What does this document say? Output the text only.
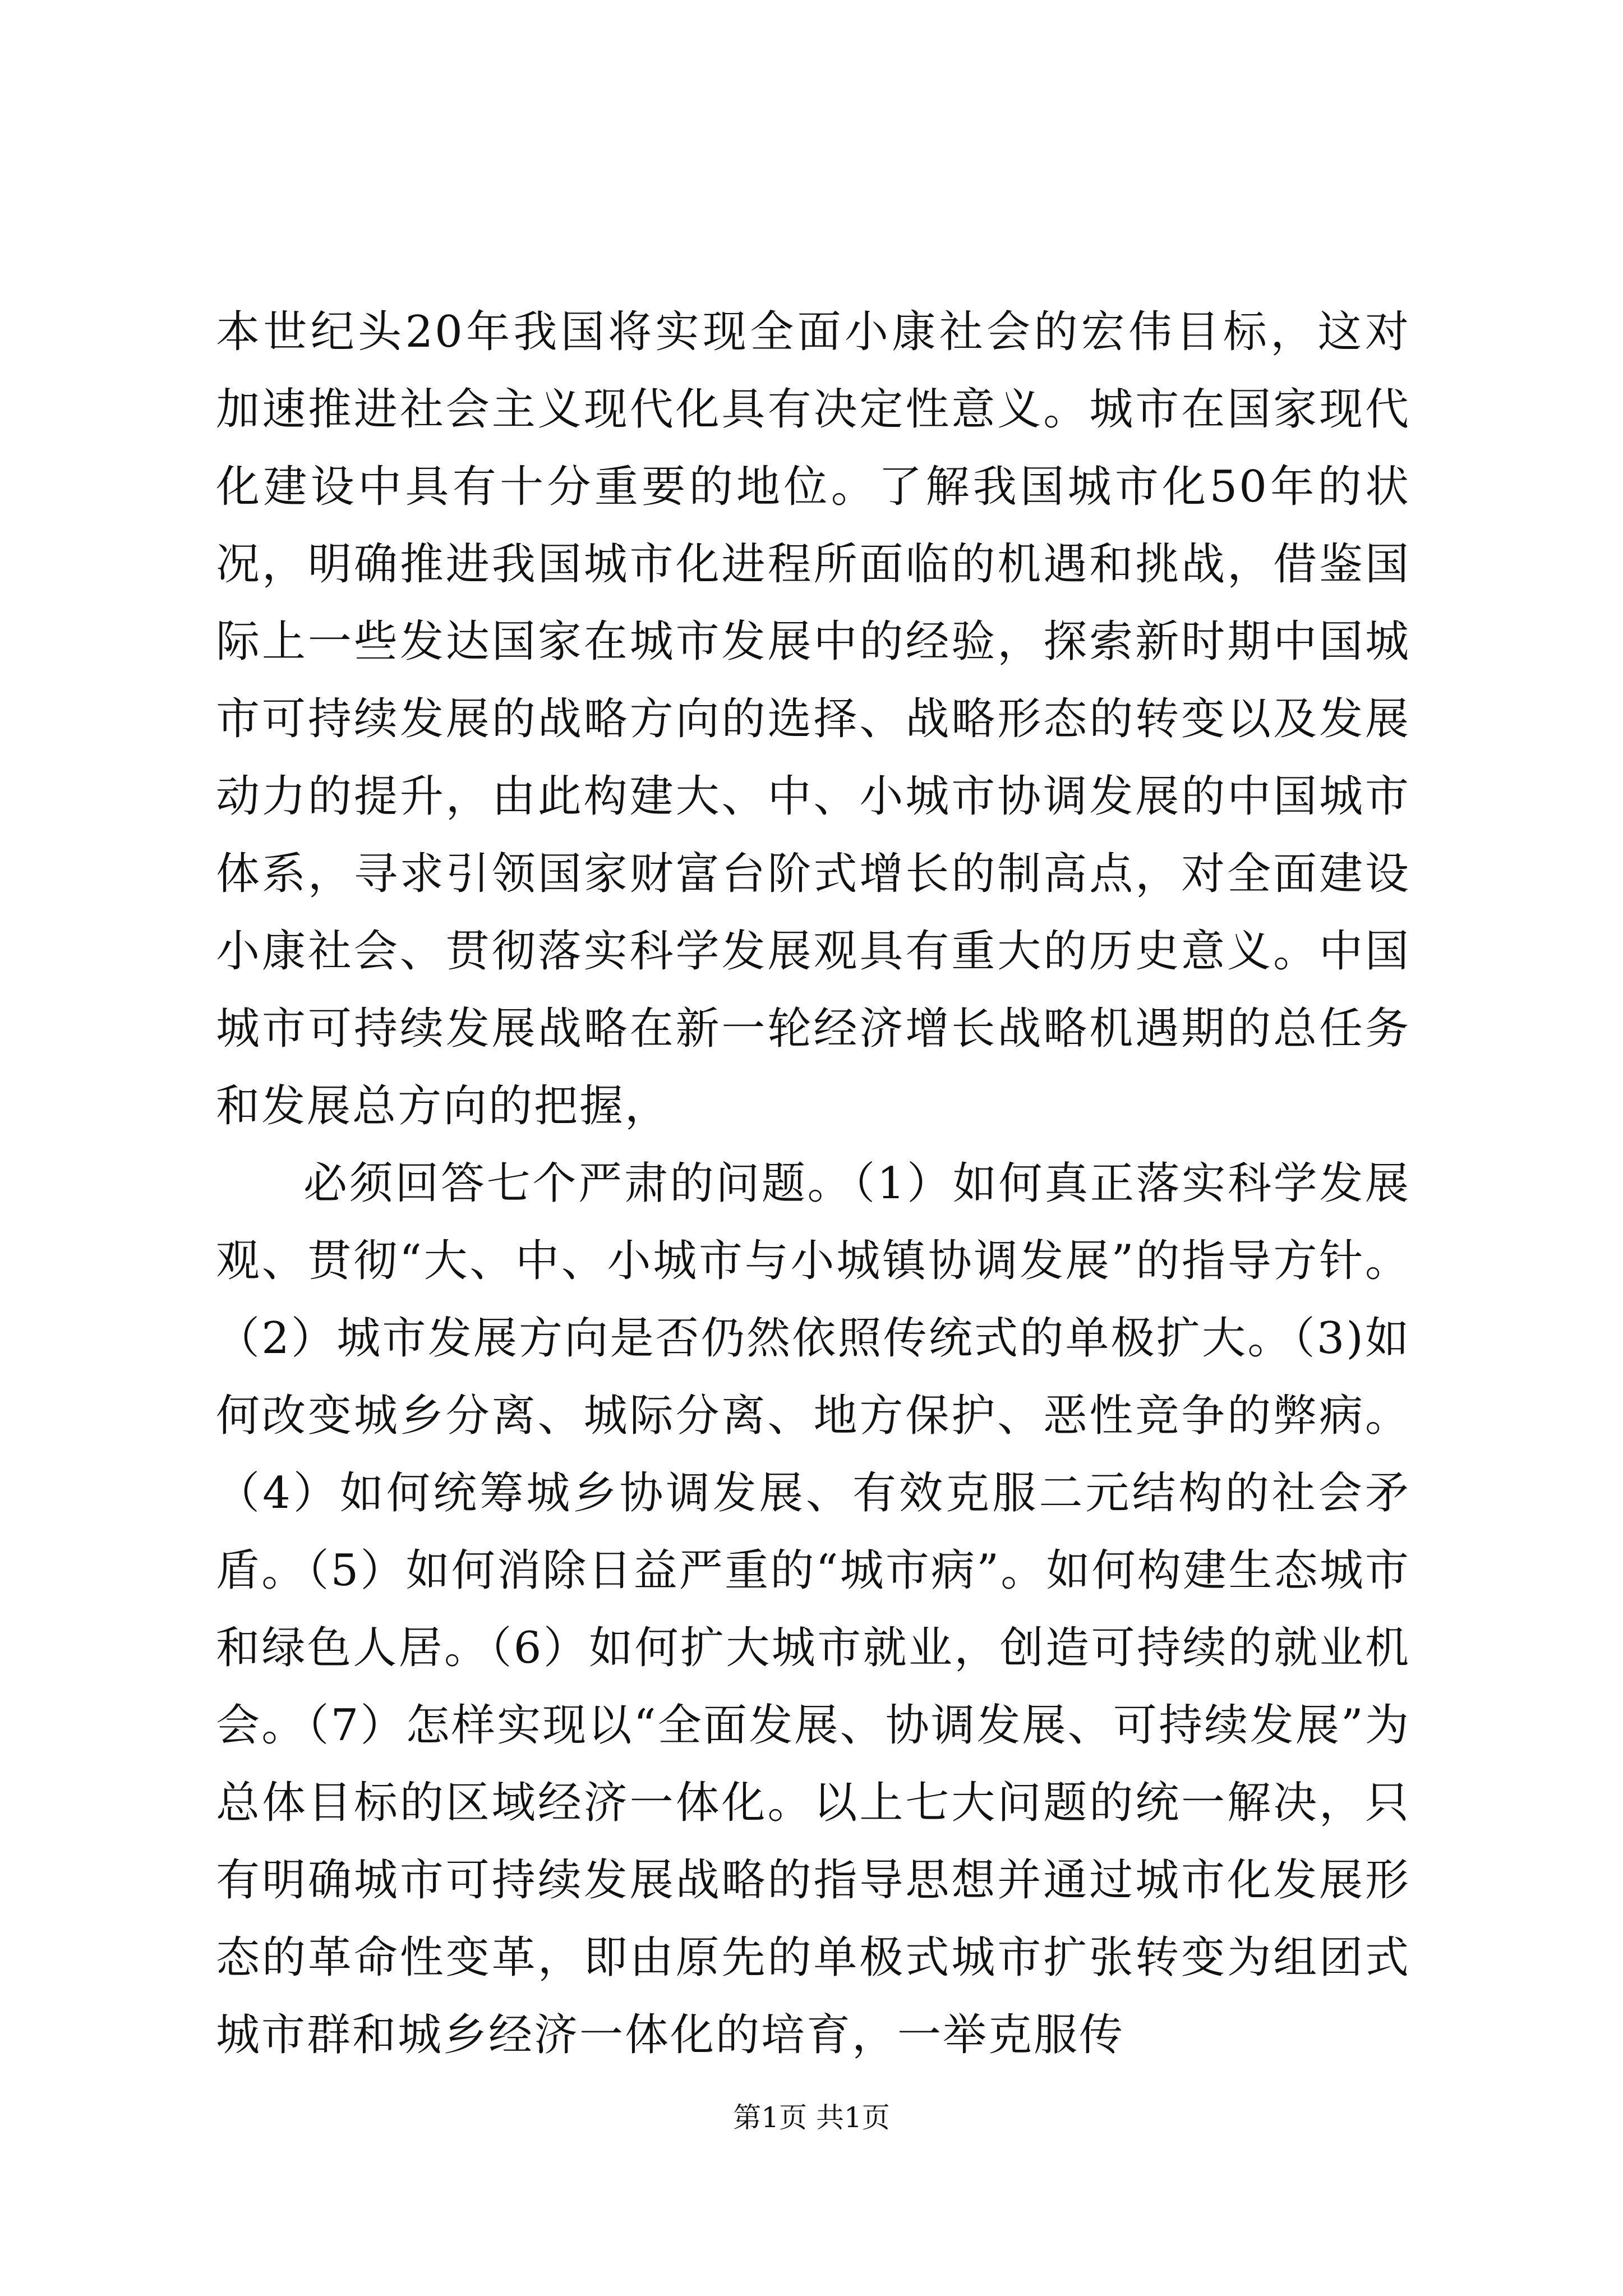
本世纪头20年我国将实现全面小康社会的宏伟目标，这对加速推进社会主义现代化具有决定性意义。城市在国家现代化建设中具有十分重要的地位。了解我国城市化50年的状况，明确推进我国城市化进程所面临的机遇和挑战，借鉴国际上一些发达国家在城市发展中的经验，探索新时期中国城市可持续发展的战略方向的选择、战略形态的转变以及发展动力的提升，由此构建大、中、小城市协调发展的中国城市体系，寻求引领国家财富台阶式增长的制高点，对全面建设小康社会、贯彻落实科学发展观具有重大的历史意义。中国城市可持续发展战略在新一轮经济增长战略机遇期的总任务和发展总方向的把握，

必须回答七个严肃的问题。（1）如何真正落实科学发展观、贯彻“大、中、小城市与小城镇协调发展”的指导方针。（2）城市发展方向是否仍然依照传统式的单极扩大。（3)如何改变城乡分离、城际分离、地方保护、恶性竞争的弊病。（4）如何统筹城乡协调发展、有效克服二元结构的社会矛盾。（5）如何消除日益严重的“城市病”。如何构建生态城市和绿色人居。（6）如何扩大城市就业，创造可持续的就业机会。（7）怎样实现以“全面发展、协调发展、可持续发展”为总体目标的区域经济一体化。以上七大问题的统一解决，只有明确城市可持续发展战略的指导思想并通过城市化发展形态的革命性变革，即由原先的单极式城市扩张转变为组团式城市群和城乡经济一体化的培育，一举克服传

第1页 共1页
